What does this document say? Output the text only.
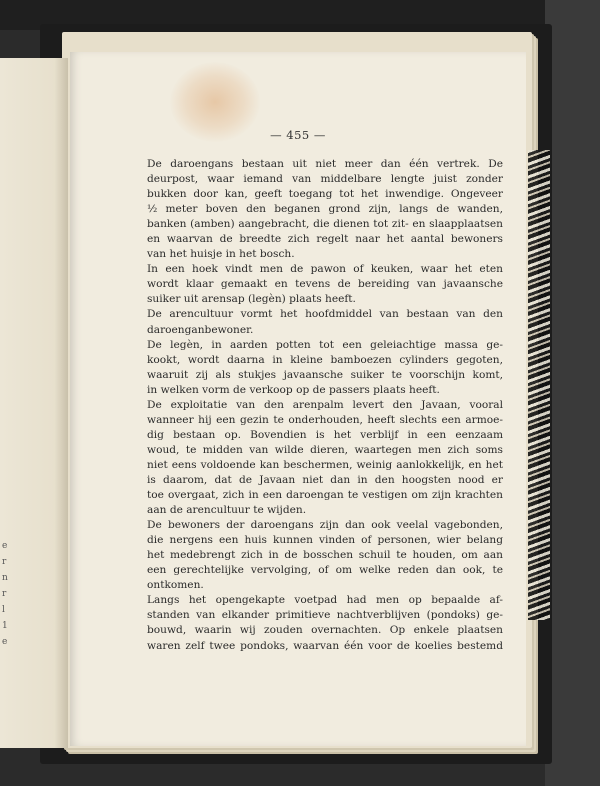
e
r
n
r
l
1
e
— 455 —
De daroengans bestaan uit niet meer dan één vertrek. De
deurpost, waar iemand van middelbare lengte juist zonder
bukken door kan, geeft toegang tot het inwendige. Ongeveer
½ meter boven den beganen grond zijn, langs de wanden,
banken (amben) aangebracht, die dienen tot zit- en slaapplaatsen
en waarvan de breedte zich regelt naar het aantal bewoners
van het huisje in het bosch.
In een hoek vindt men de pawon of keuken, waar het eten
wordt klaar gemaakt en tevens de bereiding van javaansche
suiker uit arensap (legèn) plaats heeft.
De arencultuur vormt het hoofdmiddel van bestaan van den
daroenganbewoner.
De legèn, in aarden potten tot een geleiachtige massa ge-
kookt, wordt daarna in kleine bamboezen cylinders gegoten,
waaruit zij als stukjes javaansche suiker te voorschijn komt,
in welken vorm de verkoop op de passers plaats heeft.
De exploitatie van den arenpalm levert den Javaan, vooral
wanneer hij een gezin te onderhouden, heeft slechts een armoe-
dig bestaan op. Bovendien is het verblijf in een eenzaam
woud, te midden van wilde dieren, waartegen men zich soms
niet eens voldoende kan beschermen, weinig aanlokkelijk, en het
is daarom, dat de Javaan niet dan in den hoogsten nood er
toe overgaat, zich in een daroengan te vestigen om zijn krachten
aan de arencultuur te wijden.
De bewoners der daroengans zijn dan ook veelal vagebonden,
die nergens een huis kunnen vinden of personen, wier belang
het medebrengt zich in de bosschen schuil te houden, om aan
een gerechtelijke vervolging, of om welke reden dan ook, te
ontkomen.
Langs het opengekapte voetpad had men op bepaalde af-
standen van elkander primitieve nachtverblijven (pondoks) ge-
bouwd, waarin wij zouden overnachten. Op enkele plaatsen
waren zelf twee pondoks, waarvan één voor de koelies bestemd
